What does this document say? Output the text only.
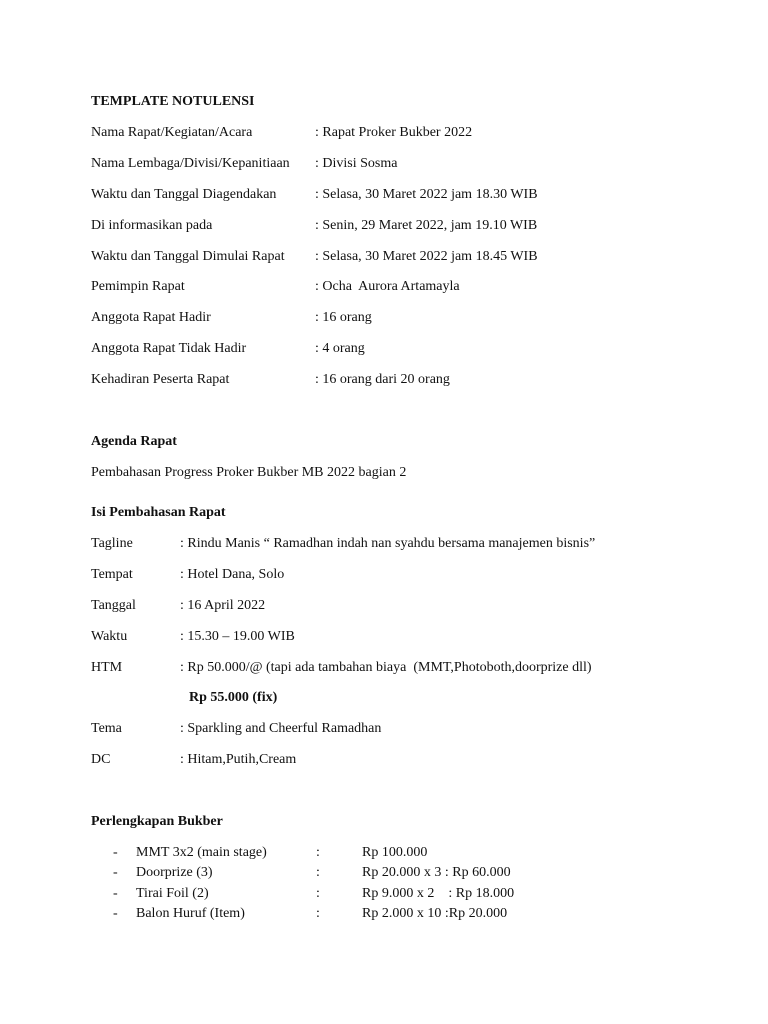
TEMPLATE NOTULENSI
Nama Rapat/Kegiatan/Acara	: Rapat Proker Bukber 2022
Nama Lembaga/Divisi/Kepanitiaan : Divisi Sosma
Waktu dan Tanggal Diagendakan	: Selasa, 30 Maret 2022 jam 18.30 WIB
Di informasikan pada	: Senin, 29 Maret 2022, jam 19.10 WIB
Waktu dan Tanggal Dimulai Rapat : Selasa, 30 Maret 2022 jam 18.45 WIB
Pemimpin Rapat	: Ocha  Aurora Artamayla
Anggota Rapat Hadir	: 16 orang
Anggota Rapat Tidak Hadir	: 4 orang
Kehadiran Peserta Rapat	: 16 orang dari 20 orang
Agenda Rapat
Pembahasan Progress Proker Bukber MB 2022 bagian 2
Isi Pembahasan Rapat
Tagline	: Rindu Manis “ Ramadhan indah nan syahdu bersama manajemen bisnis”
Tempat	: Hotel Dana, Solo
Tanggal	: 16 April 2022
Waktu	: 15.30 – 19.00 WIB
HTM	: Rp 50.000/@ (tapi ada tambahan biaya  (MMT,Photoboth,doorprize dll)
Rp 55.000 (fix)
Tema	: Sparkling and Cheerful Ramadhan
DC	: Hitam,Putih,Cream
Perlengkapan Bukber
- MMT 3x2 (main stage)	:	Rp 100.000
- Doorprize (3)	:	Rp 20.000 x 3 : Rp 60.000
- Tirai Foil (2)	:	Rp 9.000 x 2    : Rp 18.000
- Balon Huruf (Item)	:	Rp 2.000 x 10 :Rp 20.000
